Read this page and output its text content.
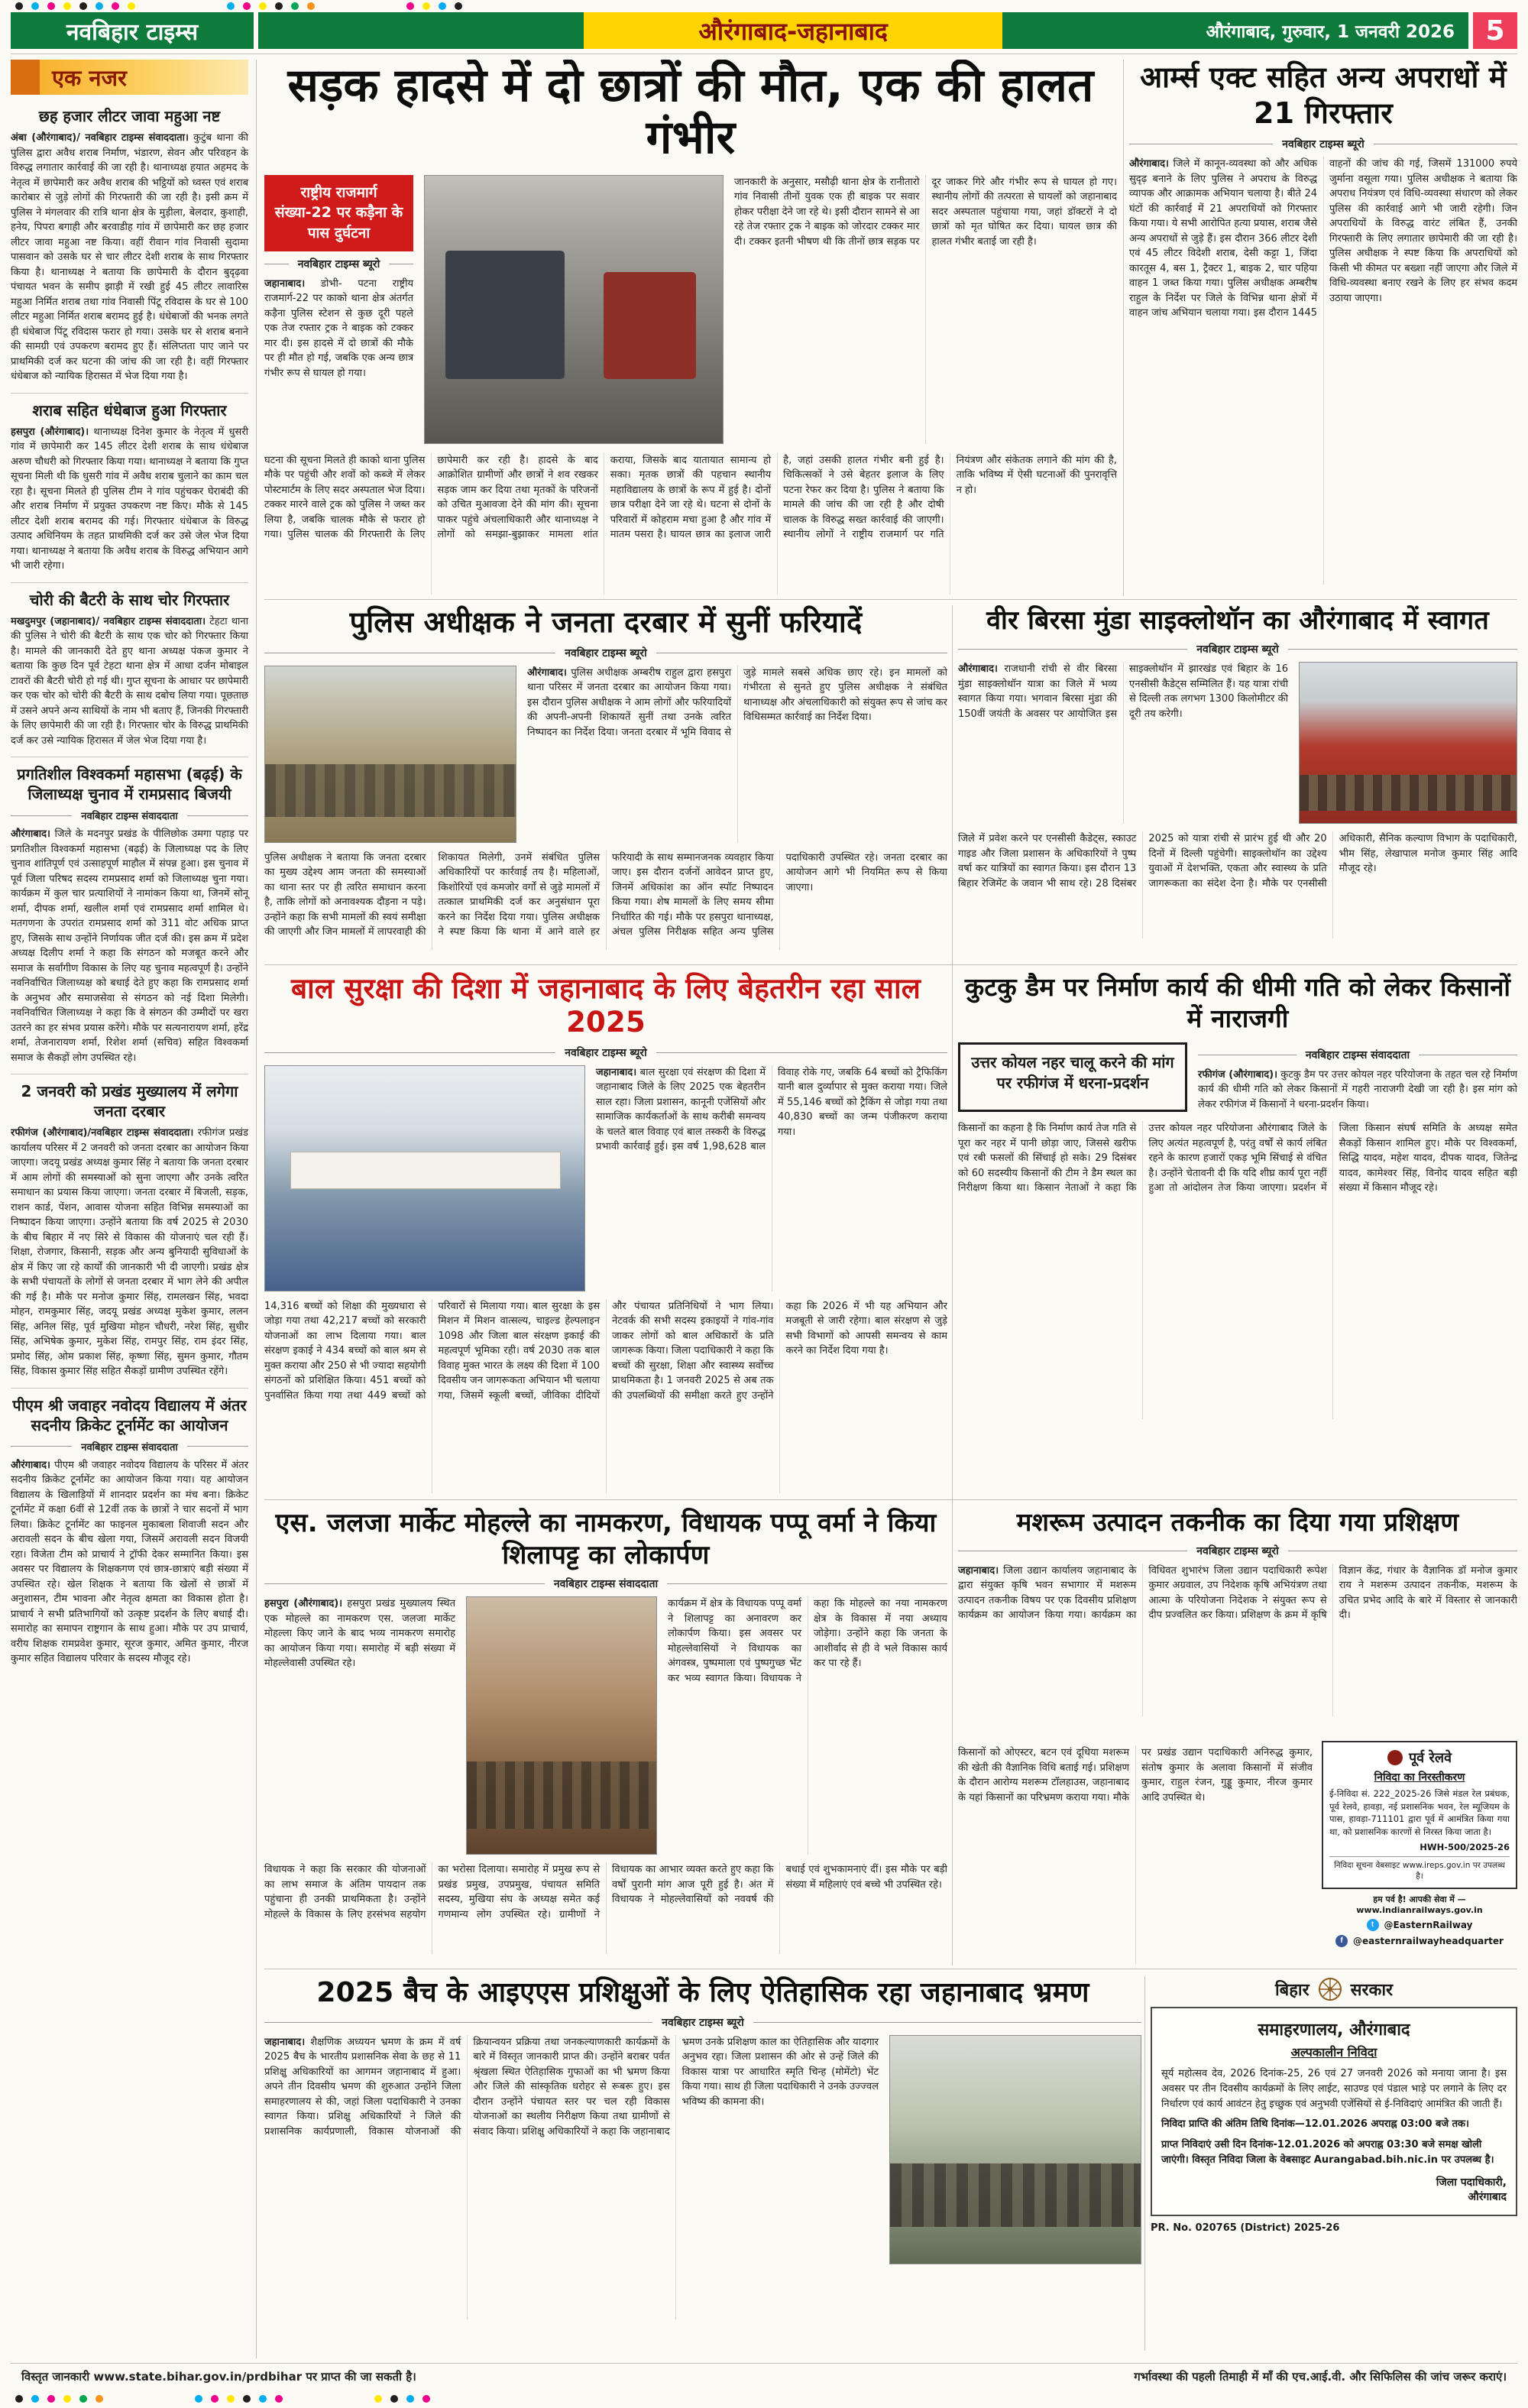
नवबिहार टाइम्स	औरंगाबाद-जहानाबाद	औरंगाबाद, गुरुवार, 1 जनवरी 2026	5
एक नजर
छह हजार लीटर जावा महुआ नष्ट

अंबा (औरंगाबाद)/ नवबिहार टाइम्स संवाददाता। कुटुंब थाना की पुलिस द्वारा अवैध शराब निर्माण, भंडारण, सेवन और परिवहन के विरुद्ध लगातार कार्रवाई की जा रही है। थानाध्यक्ष हयात अहमद के नेतृत्व में छापेमारी कर अवैध शराब की भट्ठियों को ध्वस्त एवं शराब कारोबार से जुड़े लोगों की गिरफ्तारी की जा रही है। इसी क्रम में पुलिस ने मंगलवार की रात्रि थाना क्षेत्र के मुड़ीला, बेलदार, कुशाही, हनेय, पिपरा बगाही और बरवाडीह गांव में छापेमारी कर छह हजार लीटर जावा महुआ नष्ट किया। वहीं रीवान गांव निवासी सुदामा पासवान को उसके घर से चार लीटर देशी शराब के साथ गिरफ्तार किया है। थानाध्यक्ष ने बताया कि छापेमारी के दौरान बुदृढ़वा पंचायत भवन के समीप झाड़ी में रखी हुई 45 लीटर लावारिस महुआ निर्मित शराब तथा गांव निवासी पिंटू रविदास के घर से 100 लीटर महुआ निर्मित शराब बरामद हुई है। धंधेबाजों की भनक लगते ही धंधेबाज पिंटू रविदास फरार हो गया। उसके घर से शराब बनाने की सामग्री एवं उपकरण बरामद हुए हैं। संलिप्तता पाए जाने पर प्राथमिकी दर्ज कर घटना की जांच की जा रही है। वहीं गिरफ्तार धंधेबाज को न्यायिक हिरासत में भेज दिया गया है।

शराब सहित धंधेबाज हुआ गिरफ्तार

हसपुरा (औरंगाबाद)। थानाध्यक्ष दिनेश कुमार के नेतृत्व में धुसरी गांव में छापेमारी कर 145 लीटर देशी शराब के साथ धंधेबाज अरुण चौधरी को गिरफ्तार किया गया। थानाध्यक्ष ने बताया कि गुप्त सूचना मिली थी कि धुसरी गांव में अवैध शराब चुलाने का काम चल रहा है। सूचना मिलते ही पुलिस टीम ने गांव पहुंचकर घेराबंदी की और शराब निर्माण में प्रयुक्त उपकरण नष्ट किए। मौके से 145 लीटर देशी शराब बरामद की गई। गिरफ्तार धंधेबाज के विरुद्ध उत्पाद अधिनियम के तहत प्राथमिकी दर्ज कर उसे जेल भेज दिया गया। थानाध्यक्ष ने बताया कि अवैध शराब के विरुद्ध अभियान आगे भी जारी रहेगा।

चोरी की बैटरी के साथ चोर गिरफ्तार

मखदुमपुर (जहानाबाद)/ नवबिहार टाइम्स संवाददाता। टेहटा थाना की पुलिस ने चोरी की बैटरी के साथ एक चोर को गिरफ्तार किया है। मामले की जानकारी देते हुए थाना अध्यक्ष पंकज कुमार ने बताया कि कुछ दिन पूर्व टेहटा थाना क्षेत्र में आधा दर्जन मोबाइल टावरों की बैटरी चोरी हो गई थी। गुप्त सूचना के आधार पर छापेमारी कर एक चोर को चोरी की बैटरी के साथ दबोच लिया गया। पूछताछ में उसने अपने अन्य साथियों के नाम भी बताए हैं, जिनकी गिरफ्तारी के लिए छापेमारी की जा रही है। गिरफ्तार चोर के विरुद्ध प्राथमिकी दर्ज कर उसे न्यायिक हिरासत में जेल भेज दिया गया है।

प्रगतिशील विश्वकर्मा महासभा (बढ़ई) के जिलाध्यक्ष चुनाव में रामप्रसाद बिजयी
नवबिहार टाइम्स संवाददाता

औरंगाबाद। जिले के मदनपुर प्रखंड के पीलिछोक उमगा पहाड़ पर प्रगतिशील विश्वकर्मा महासभा (बढ़ई) के जिलाध्यक्ष पद के लिए चुनाव शांतिपूर्ण एवं उत्साहपूर्ण माहौल में संपन्न हुआ। इस चुनाव में पूर्व जिला परिषद सदस्य रामप्रसाद शर्मा को जिलाध्यक्ष चुना गया। कार्यक्रम में कुल चार प्रत्याशियों ने नामांकन किया था, जिनमें सोनू शर्मा, दीपक शर्मा, खलील शर्मा एवं रामप्रसाद शर्मा शामिल थे। मतगणना के उपरांत रामप्रसाद शर्मा को 311 वोट अधिक प्राप्त हुए, जिसके साथ उन्होंने निर्णायक जीत दर्ज की। इस क्रम में प्रदेश अध्यक्ष दिलीप शर्मा ने कहा कि संगठन को मजबूत करने और समाज के सर्वांगीण विकास के लिए यह चुनाव महत्वपूर्ण है। उन्होंने नवनिर्वाचित जिलाध्यक्ष को बधाई देते हुए कहा कि रामप्रसाद शर्मा के अनुभव और समाजसेवा से संगठन को नई दिशा मिलेगी। नवनिर्वाचित जिलाध्यक्ष ने कहा कि वे संगठन की उम्मीदों पर खरा उतरने का हर संभव प्रयास करेंगे। मौके पर सत्यनारायण शर्मा, हरेंद्र शर्मा, तेजनारायण शर्मा, रिशेश शर्मा (सचिव) सहित विश्वकर्मा समाज के सैकड़ों लोग उपस्थित रहे।

2 जनवरी को प्रखंड मुख्यालय में लगेगा जनता दरबार

रफीगंज (औरंगाबाद)/नवबिहार टाइम्स संवाददाता। रफीगंज प्रखंड कार्यालय परिसर में 2 जनवरी को जनता दरबार का आयोजन किया जाएगा। जदयू प्रखंड अध्यक्ष कुमार सिंह ने बताया कि जनता दरबार में आम लोगों की समस्याओं को सुना जाएगा और उनके त्वरित समाधान का प्रयास किया जाएगा। जनता दरबार में बिजली, सड़क, राशन कार्ड, पेंशन, आवास योजना सहित विभिन्न समस्याओं का निष्पादन किया जाएगा। उन्होंने बताया कि वर्ष 2025 से 2030 के बीच बिहार में नए सिरे से विकास की योजनाएं चल रही हैं। शिक्षा, रोजगार, किसानी, सड़क और अन्य बुनियादी सुविधाओं के क्षेत्र में किए जा रहे कार्यों की जानकारी भी दी जाएगी। प्रखंड क्षेत्र के सभी पंचायतों के लोगों से जनता दरबार में भाग लेने की अपील की गई है। मौके पर मनोज कुमार सिंह, रामलखन सिंह, भवदा मोहन, रामकुमार सिंह, जदयू प्रखंड अध्यक्ष मुकेश कुमार, ललन सिंह, अनिल सिंह, पूर्व मुखिया मोहन चौधरी, नरेश सिंह, सुधीर सिंह, अभिषेक कुमार, मुकेश सिंह, रामपुर सिंह, राम इंदर सिंह, प्रमोद सिंह, ओम प्रकाश सिंह, कृष्णा सिंह, सुमन कुमार, गौतम सिंह, विकास कुमार सिंह सहित सैकड़ों ग्रामीण उपस्थित रहेंगे।

पीएम श्री जवाहर नवोदय विद्यालय में अंतर सदनीय क्रिकेट टूर्नामेंट का आयोजन
नवबिहार टाइम्स संवाददाता

औरंगाबाद। पीएम श्री जवाहर नवोदय विद्यालय के परिसर में अंतर सदनीय क्रिकेट टूर्नामेंट का आयोजन किया गया। यह आयोजन विद्यालय के खिलाड़ियों में शानदार प्रदर्शन का मंच बना। क्रिकेट टूर्नामेंट में कक्षा 6वीं से 12वीं तक के छात्रों ने चार सदनों में भाग लिया। क्रिकेट टूर्नामेंट का फाइनल मुकाबला शिवाजी सदन और अरावली सदन के बीच खेला गया, जिसमें अरावली सदन विजयी रहा। विजेता टीम को प्राचार्य ने ट्रॉफी देकर सम्मानित किया। इस अवसर पर विद्यालय के शिक्षकगण एवं छात्र-छात्राएं बड़ी संख्या में उपस्थित रहे। खेल शिक्षक ने बताया कि खेलों से छात्रों में अनुशासन, टीम भावना और नेतृत्व क्षमता का विकास होता है। प्राचार्य ने सभी प्रतिभागियों को उत्कृष्ट प्रदर्शन के लिए बधाई दी। समारोह का समापन राष्ट्रगान के साथ हुआ। मौके पर उप प्राचार्य, वरीय शिक्षक रामप्रवेश कुमार, सूरज कुमार, अमित कुमार, नीरज कुमार सहित विद्यालय परिवार के सदस्य मौजूद रहे।

सड़क हादसे में दो छात्रों की मौत, एक की हालत गंभीर
राष्ट्रीय राजमार्ग संख्या-22 पर कड़ैना के पास दुर्घटना
नवबिहार टाइम्स ब्यूरो

जहानाबाद। डोभी- पटना राष्ट्रीय राजमार्ग-22 पर काको थाना क्षेत्र अंतर्गत कड़ैना पुलिस स्टेशन से कुछ दूरी पहले एक तेज रफ्तार ट्रक ने बाइक को टक्कर मार दी। इस हादसे में दो छात्रों की मौके पर ही मौत हो गई, जबकि एक अन्य छात्र गंभीर रूप से घायल हो गया।

जानकारी के अनुसार, मसौढ़ी थाना क्षेत्र के रानीतारो गांव निवासी तीनों युवक एक ही बाइक पर सवार होकर परीक्षा देने जा रहे थे। इसी दौरान सामने से आ रहे तेज रफ्तार ट्रक ने बाइक को जोरदार टक्कर मार दी। टक्कर इतनी भीषण थी कि तीनों छात्र सड़क पर दूर जाकर गिरे और गंभीर रूप से घायल हो गए। स्थानीय लोगों की तत्परता से घायलों को जहानाबाद सदर अस्पताल पहुंचाया गया, जहां डॉक्टरों ने दो छात्रों को मृत घोषित कर दिया। घायल छात्र की हालत गंभीर बताई जा रही है।
घटना की सूचना मिलते ही काको थाना पुलिस मौके पर पहुंची और शवों को कब्जे में लेकर पोस्टमार्टम के लिए सदर अस्पताल भेज दिया। टक्कर मारने वाले ट्रक को पुलिस ने जब्त कर लिया है, जबकि चालक मौके से फरार हो गया। पुलिस चालक की गिरफ्तारी के लिए छापेमारी कर रही है। हादसे के बाद आक्रोशित ग्रामीणों और छात्रों ने शव रखकर सड़क जाम कर दिया तथा मृतकों के परिजनों को उचित मुआवजा देने की मांग की। सूचना पाकर पहुंचे अंचलाधिकारी और थानाध्यक्ष ने लोगों को समझा-बुझाकर मामला शांत कराया, जिसके बाद यातायात सामान्य हो सका। मृतक छात्रों की पहचान स्थानीय महाविद्यालय के छात्रों के रूप में हुई है। दोनों छात्र परीक्षा देने जा रहे थे। घटना से दोनों के परिवारों में कोहराम मचा हुआ है और गांव में मातम पसरा है। घायल छात्र का इलाज जारी है, जहां उसकी हालत गंभीर बनी हुई है। चिकित्सकों ने उसे बेहतर इलाज के लिए पटना रेफर कर दिया है। पुलिस ने बताया कि मामले की जांच की जा रही है और दोषी चालक के विरुद्ध सख्त कार्रवाई की जाएगी। स्थानीय लोगों ने राष्ट्रीय राजमार्ग पर गति नियंत्रण और संकेतक लगाने की मांग की है, ताकि भविष्य में ऐसी घटनाओं की पुनरावृत्ति न हो।
आर्म्स एक्ट सहित अन्य अपराधों में 21 गिरफ्तार
नवबिहार टाइम्स ब्यूरो
औरंगाबाद। जिले में कानून-व्यवस्था को और अधिक सुदृढ़ बनाने के लिए पुलिस ने अपराध के विरुद्ध व्यापक और आक्रामक अभियान चलाया है। बीते 24 घंटों की कार्रवाई में 21 अपराधियों को गिरफ्तार किया गया। ये सभी आरोपित हत्या प्रयास, शराब जैसे अन्य अपराधों से जुड़े हैं। इस दौरान 366 लीटर देशी एवं 45 लीटर विदेशी शराब, देसी कट्टा 1, जिंदा कारतूस 4, बस 1, ट्रैक्टर 1, बाइक 2, चार पहिया वाहन 1 जब्त किया गया। पुलिस अधीक्षक अम्बरीष राहुल के निर्देश पर जिले के विभिन्न थाना क्षेत्रों में वाहन जांच अभियान चलाया गया। इस दौरान 1445 वाहनों की जांच की गई, जिसमें 131000 रुपये जुर्माना वसूला गया। पुलिस अधीक्षक ने बताया कि अपराध नियंत्रण एवं विधि-व्यवस्था संधारण को लेकर पुलिस की कार्रवाई आगे भी जारी रहेगी। जिन अपराधियों के विरुद्ध वारंट लंबित हैं, उनकी गिरफ्तारी के लिए लगातार छापेमारी की जा रही है। पुलिस अधीक्षक ने स्पष्ट किया कि अपराधियों को किसी भी कीमत पर बख्शा नहीं जाएगा और जिले में विधि-व्यवस्था बनाए रखने के लिए हर संभव कदम उठाया जाएगा।
पुलिस अधीक्षक ने जनता दरबार में सुनीं फरियादें
नवबिहार टाइम्स ब्यूरो
औरंगाबाद। पुलिस अधीक्षक अम्बरीष राहुल द्वारा हसपुरा थाना परिसर में जनता दरबार का आयोजन किया गया। इस दौरान पुलिस अधीक्षक ने आम लोगों और फरियादियों की अपनी-अपनी शिकायतें सुनीं तथा उनके त्वरित निष्पादन का निर्देश दिया। जनता दरबार में भूमि विवाद से जुड़े मामले सबसे अधिक छाए रहे। इन मामलों को गंभीरता से सुनते हुए पुलिस अधीक्षक ने संबंधित थानाध्यक्ष और अंचलाधिकारी को संयुक्त रूप से जांच कर विधिसम्मत कार्रवाई का निर्देश दिया।
पुलिस अधीक्षक ने बताया कि जनता दरबार का मुख्य उद्देश्य आम जनता की समस्याओं का थाना स्तर पर ही त्वरित समाधान करना है, ताकि लोगों को अनावश्यक दौड़ना न पड़े। उन्होंने कहा कि सभी मामलों की स्वयं समीक्षा की जाएगी और जिन मामलों में लापरवाही की शिकायत मिलेगी, उनमें संबंधित पुलिस अधिकारियों पर कार्रवाई तय है। महिलाओं, किशोरियों एवं कमजोर वर्गों से जुड़े मामलों में तत्काल प्राथमिकी दर्ज कर अनुसंधान पूरा करने का निर्देश दिया गया। पुलिस अधीक्षक ने स्पष्ट किया कि थाना में आने वाले हर फरियादी के साथ सम्मानजनक व्यवहार किया जाए। इस दौरान दर्जनों आवेदन प्राप्त हुए, जिनमें अधिकांश का ऑन स्पॉट निष्पादन किया गया। शेष मामलों के लिए समय सीमा निर्धारित की गई। मौके पर हसपुरा थानाध्यक्ष, अंचल पुलिस निरीक्षक सहित अन्य पुलिस पदाधिकारी उपस्थित रहे। जनता दरबार का आयोजन आगे भी नियमित रूप से किया जाएगा।
वीर बिरसा मुंडा साइक्लोथॉन का औरंगाबाद में स्वागत
नवबिहार टाइम्स ब्यूरो
औरंगाबाद। राजधानी रांची से वीर बिरसा मुंडा साइक्लोथॉन यात्रा का जिले में भव्य स्वागत किया गया। भगवान बिरसा मुंडा की 150वीं जयंती के अवसर पर आयोजित इस साइक्लोथॉन में झारखंड एवं बिहार के 16 एनसीसी कैडेट्स सम्मिलित हैं। यह यात्रा रांची से दिल्ली तक लगभग 1300 किलोमीटर की दूरी तय करेगी।
जिले में प्रवेश करने पर एनसीसी कैडेट्स, स्काउट गाइड और जिला प्रशासन के अधिकारियों ने पुष्प वर्षा कर यात्रियों का स्वागत किया। इस दौरान 13 बिहार रेजिमेंट के जवान भी साथ रहे। 28 दिसंबर 2025 को यात्रा रांची से प्रारंभ हुई थी और 20 दिनों में दिल्ली पहुंचेगी। साइक्लोथॉन का उद्देश्य युवाओं में देशभक्ति, एकता और स्वास्थ्य के प्रति जागरूकता का संदेश देना है। मौके पर एनसीसी अधिकारी, सैनिक कल्याण विभाग के पदाधिकारी, भीम सिंह, लेखापाल मनोज कुमार सिंह आदि मौजूद रहे।
बाल सुरक्षा की दिशा में जहानाबाद के लिए बेहतरीन रहा साल 2025
नवबिहार टाइम्स ब्यूरो
जहानाबाद। बाल सुरक्षा एवं संरक्षण की दिशा में जहानाबाद जिले के लिए 2025 एक बेहतरीन साल रहा। जिला प्रशासन, कानूनी एजेंसियों और सामाजिक कार्यकर्ताओं के साथ करीबी समन्वय के चलते बाल विवाह एवं बाल तस्करी के विरुद्ध प्रभावी कार्रवाई हुई। इस वर्ष 1,98,628 बाल विवाह रोके गए, जबकि 64 बच्चों को ट्रैफिकिंग यानी बाल दुर्व्यापार से मुक्त कराया गया। जिले में 55,146 बच्चों को ट्रैकिंग से जोड़ा गया तथा 40,830 बच्चों का जन्म पंजीकरण कराया गया।
14,316 बच्चों को शिक्षा की मुख्यधारा से जोड़ा गया तथा 42,217 बच्चों को सरकारी योजनाओं का लाभ दिलाया गया। बाल संरक्षण इकाई ने 434 बच्चों को बाल श्रम से मुक्त कराया और 250 से भी ज्यादा सहयोगी संगठनों को प्रशिक्षित किया। 451 बच्चों को पुनर्वासित किया गया तथा 449 बच्चों को परिवारों से मिलाया गया। बाल सुरक्षा के इस मिशन में मिशन वात्सल्य, चाइल्ड हेल्पलाइन 1098 और जिला बाल संरक्षण इकाई की महत्वपूर्ण भूमिका रही। वर्ष 2030 तक बाल विवाह मुक्त भारत के लक्ष्य की दिशा में 100 दिवसीय जन जागरूकता अभियान भी चलाया गया, जिसमें स्कूली बच्चों, जीविका दीदियों और पंचायत प्रतिनिधियों ने भाग लिया। नेटवर्क की सभी सदस्य इकाइयों ने गांव-गांव जाकर लोगों को बाल अधिकारों के प्रति जागरूक किया। जिला पदाधिकारी ने कहा कि बच्चों की सुरक्षा, शिक्षा और स्वास्थ्य सर्वोच्च प्राथमिकता है। 1 जनवरी 2025 से अब तक की उपलब्धियों की समीक्षा करते हुए उन्होंने कहा कि 2026 में भी यह अभियान और मजबूती से जारी रहेगा। बाल संरक्षण से जुड़े सभी विभागों को आपसी समन्वय से काम करने का निर्देश दिया गया है।
कुटकु डैम पर निर्माण कार्य की धीमी गति को लेकर किसानों में नाराजगी
उत्तर कोयल नहर चालू करने की मांग पर रफीगंज में धरना-प्रदर्शन
नवबिहार टाइम्स संवाददाता

रफीगंज (औरंगाबाद)। कुटकु डैम पर उत्तर कोयल नहर परियोजना के तहत चल रहे निर्माण कार्य की धीमी गति को लेकर किसानों में गहरी नाराजगी देखी जा रही है। इस मांग को लेकर रफीगंज में किसानों ने धरना-प्रदर्शन किया।

किसानों का कहना है कि निर्माण कार्य तेज गति से पूरा कर नहर में पानी छोड़ा जाए, जिससे खरीफ एवं रबी फसलों की सिंचाई हो सके। 29 दिसंबर को 60 सदस्यीय किसानों की टीम ने डैम स्थल का निरीक्षण किया था। किसान नेताओं ने कहा कि उत्तर कोयल नहर परियोजना औरंगाबाद जिले के लिए अत्यंत महत्वपूर्ण है, परंतु वर्षों से कार्य लंबित रहने के कारण हजारों एकड़ भूमि सिंचाई से वंचित है। उन्होंने चेतावनी दी कि यदि शीघ्र कार्य पूरा नहीं हुआ तो आंदोलन तेज किया जाएगा। प्रदर्शन में जिला किसान संघर्ष समिति के अध्यक्ष समेत सैकड़ों किसान शामिल हुए। मौके पर विश्वकर्मा, सिद्धि यादव, महेश यादव, दीपक यादव, जितेन्द्र यादव, कामेश्वर सिंह, विनोद यादव सहित बड़ी संख्या में किसान मौजूद रहे।
एस. जलजा मार्केट मोहल्ले का नामकरण, विधायक पप्पू वर्मा ने किया शिलापट्ट का लोकार्पण
नवबिहार टाइम्स संवाददाता
हसपुरा (औरंगाबाद)। हसपुरा प्रखंड मुख्यालय स्थित एक मोहल्ले का नामकरण एस. जलजा मार्केट मोहल्ला किए जाने के बाद भव्य नामकरण समारोह का आयोजन किया गया। समारोह में बड़ी संख्या में मोहल्लेवासी उपस्थित रहे।
कार्यक्रम में क्षेत्र के विधायक पप्पू वर्मा ने शिलापट्ट का अनावरण कर लोकार्पण किया। इस अवसर पर मोहल्लेवासियों ने विधायक का अंगवस्त्र, पुष्पमाला एवं पुष्पगुच्छ भेंट कर भव्य स्वागत किया। विधायक ने कहा कि मोहल्ले का नया नामकरण क्षेत्र के विकास में नया अध्याय जोड़ेगा। उन्होंने कहा कि जनता के आशीर्वाद से ही वे भले विकास कार्य कर पा रहे हैं।
विधायक ने कहा कि सरकार की योजनाओं का लाभ समाज के अंतिम पायदान तक पहुंचाना ही उनकी प्राथमिकता है। उन्होंने मोहल्ले के विकास के लिए हरसंभव सहयोग का भरोसा दिलाया। समारोह में प्रमुख रूप से प्रखंड प्रमुख, उपप्रमुख, पंचायत समिति सदस्य, मुखिया संघ के अध्यक्ष समेत कई गणमान्य लोग उपस्थित रहे। ग्रामीणों ने विधायक का आभार व्यक्त करते हुए कहा कि वर्षों पुरानी मांग आज पूरी हुई है। अंत में विधायक ने मोहल्लेवासियों को नववर्ष की बधाई एवं शुभकामनाएं दीं। इस मौके पर बड़ी संख्या में महिलाएं एवं बच्चे भी उपस्थित रहे।
मशरूम उत्पादन तकनीक का दिया गया प्रशिक्षण
नवबिहार टाइम्स ब्यूरो
जहानाबाद। जिला उद्यान कार्यालय जहानाबाद के द्वारा संयुक्त कृषि भवन सभागार में मशरूम उत्पादन तकनीक विषय पर एक दिवसीय प्रशिक्षण कार्यक्रम का आयोजन किया गया। कार्यक्रम का विधिवत शुभारंभ जिला उद्यान पदाधिकारी रूपेश कुमार अग्रवाल, उप निदेशक कृषि अभियंत्रण तथा आत्मा के परियोजना निदेशक ने संयुक्त रूप से दीप प्रज्वलित कर किया। प्रशिक्षण के क्रम में कृषि विज्ञान केंद्र, गंधार के वैज्ञानिक डॉ मनोज कुमार राय ने मशरूम उत्पादन तकनीक, मशरूम के उचित प्रभेद आदि के बारे में विस्तार से जानकारी दी।
किसानों को ओएस्टर, बटन एवं दूधिया मशरूम की खेती की वैज्ञानिक विधि बताई गई। प्रशिक्षण के दौरान आरोग्य मशरूम टॉलहाउस, जहानाबाद के यहां किसानों का परिभ्रमण कराया गया। मौके पर प्रखंड उद्यान पदाधिकारी अनिरुद्ध कुमार, संतोष कुमार के अलावा किसानों में संजीव कुमार, राहुल रंजन, गुड्डू कुमार, नीरज कुमार आदि उपस्थित थे।
पूर्व रेलवे
निविदा का निरस्तीकरण
ई-निविदा सं. 222_2025-26 जिसे मंडल रेल प्रबंधक, पूर्व रेलवे, हावड़ा, नई प्रशासनिक भवन, रेल म्यूजियम के पास, हावड़ा-711101 द्वारा पूर्व में आमंत्रित किया गया था, को प्रशासनिक कारणों से निरस्त किया जाता है।
HWH-500/2025-26
निविदा सूचना वेबसाइट www.ireps.gov.in पर उपलब्ध है।
हम पर्व है! आपकी सेवा में — www.indianrailways.gov.in
t	@EasternRailway
f	@easternrailwayheadquarter
2025 बैच के आइएएस प्रशिक्षुओं के लिए ऐतिहासिक रहा जहानाबाद भ्रमण
नवबिहार टाइम्स ब्यूरो
जहानाबाद। शैक्षणिक अध्ययन भ्रमण के क्रम में वर्ष 2025 बैच के भारतीय प्रशासनिक सेवा के छह से 11 प्रशिक्षु अधिकारियों का आगमन जहानाबाद में हुआ। अपने तीन दिवसीय भ्रमण की शुरुआत उन्होंने जिला समाहरणालय से की, जहां जिला पदाधिकारी ने उनका स्वागत किया। प्रशिक्षु अधिकारियों ने जिले की प्रशासनिक कार्यप्रणाली, विकास योजनाओं की क्रियान्वयन प्रक्रिया तथा जनकल्याणकारी कार्यक्रमों के बारे में विस्तृत जानकारी प्राप्त की। उन्होंने बराबर पर्वत श्रृंखला स्थित ऐतिहासिक गुफाओं का भी भ्रमण किया और जिले की सांस्कृतिक धरोहर से रूबरू हुए। इस दौरान उन्होंने पंचायत स्तर पर चल रही विकास योजनाओं का स्थलीय निरीक्षण किया तथा ग्रामीणों से संवाद किया। प्रशिक्षु अधिकारियों ने कहा कि जहानाबाद भ्रमण उनके प्रशिक्षण काल का ऐतिहासिक और यादगार अनुभव रहा। जिला प्रशासन की ओर से उन्हें जिले की विकास यात्रा पर आधारित स्मृति चिन्ह (मोमेंटो) भेंट किया गया। साथ ही जिला पदाधिकारी ने उनके उज्ज्वल भविष्य की कामना की।
बिहार सरकार
समाहरणालय, औरंगाबाद
अल्पकालीन निविदा
सूर्य महोत्सव देव, 2026 दिनांक-25, 26 एवं 27 जनवरी 2026 को मनाया जाना है। इस अवसर पर तीन दिवसीय कार्यक्रमों के लिए लाईट, साउण्ड एवं पंडाल भाड़े पर लगाने के लिए दर निर्धारण एवं कार्य आवंटन हेतु इच्छुक एवं अनुभवी एजेंसियों से ई-निविदाएं आमंत्रित की जाती हैं।
निविदा प्राप्ति की अंतिम तिथि दिनांक—12.01.2026 अपराह्न 03:00 बजे तक।
प्राप्त निविदाएं उसी दिन दिनांक-12.01.2026 को अपराह्न 03:30 बजे समक्ष खोली जाएंगी। विस्तृत निविदा जिला के वेबसाइट Aurangabad.bih.nic.in पर उपलब्ध है।
जिला पदाधिकारी,
औरंगाबाद
PR. No. 020765 (District) 2025-26
विस्तृत जानकारी www.state.bihar.gov.in/prdbihar पर प्राप्त की जा सकती है।	गर्भावस्था की पहली तिमाही में माँ की एच.आई.वी. और सिफिलिस की जांच जरूर कराएं।
